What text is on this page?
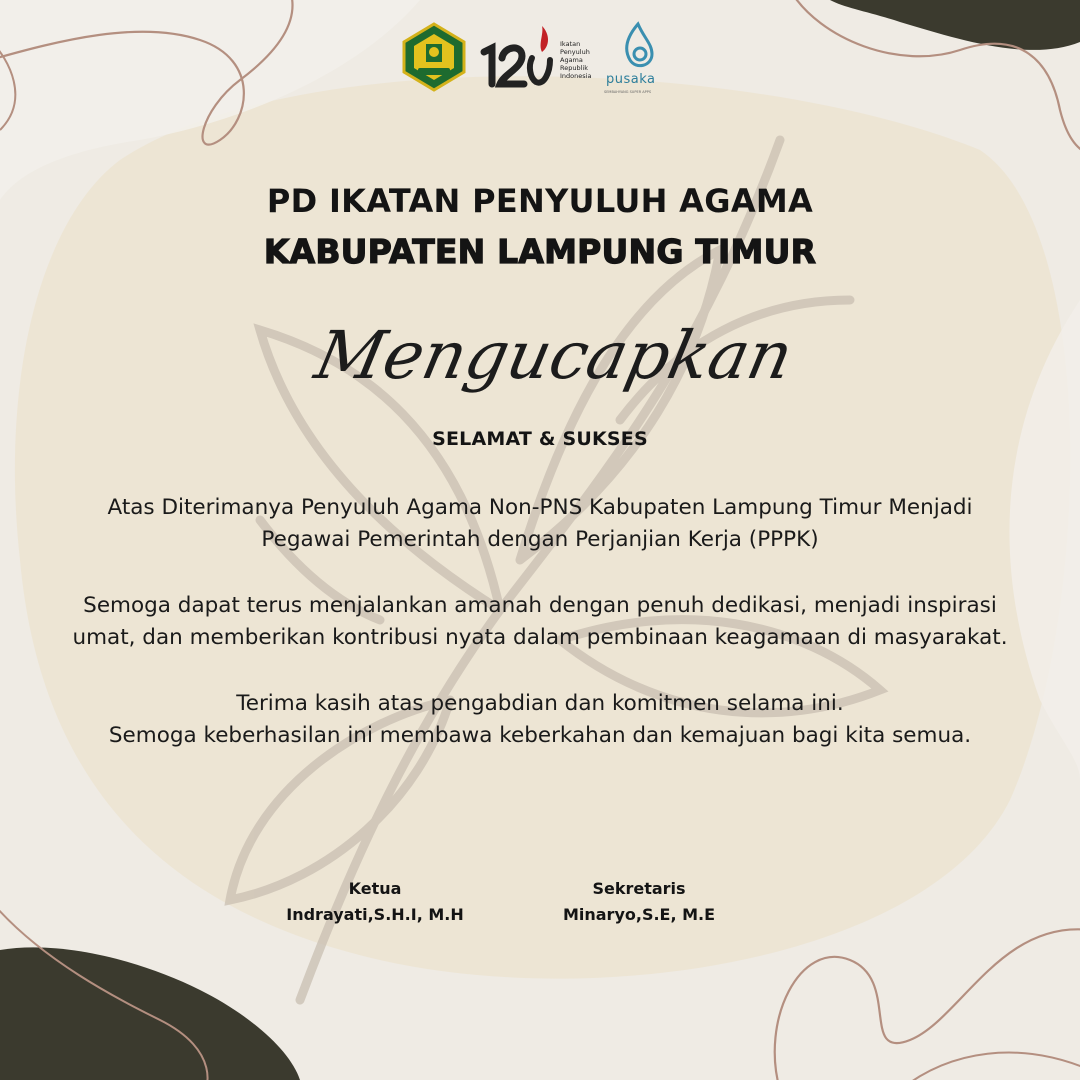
Ikatan
Penyuluh
Agama
Republik
Indonesia pusaka
SEMBAHYANG SUPER APPS
PD IKATAN PENYULUH AGAMA
KABUPATEN LAMPUNG TIMUR
Mengucapkan
SELAMAT & SUKSES
Atas Diterimanya Penyuluh Agama Non-PNS Kabupaten Lampung Timur Menjadi
Pegawai Pemerintah dengan Perjanjian Kerja (PPPK)
Semoga dapat terus menjalankan amanah dengan penuh dedikasi, menjadi inspirasi
umat, dan memberikan kontribusi nyata dalam pembinaan keagamaan di masyarakat.
Terima kasih atas pengabdian dan komitmen selama ini.
Semoga keberhasilan ini membawa keberkahan dan kemajuan bagi kita semua.
Ketua
Indrayati,S.H.I, M.H
Sekretaris
Minaryo,S.E, M.E
